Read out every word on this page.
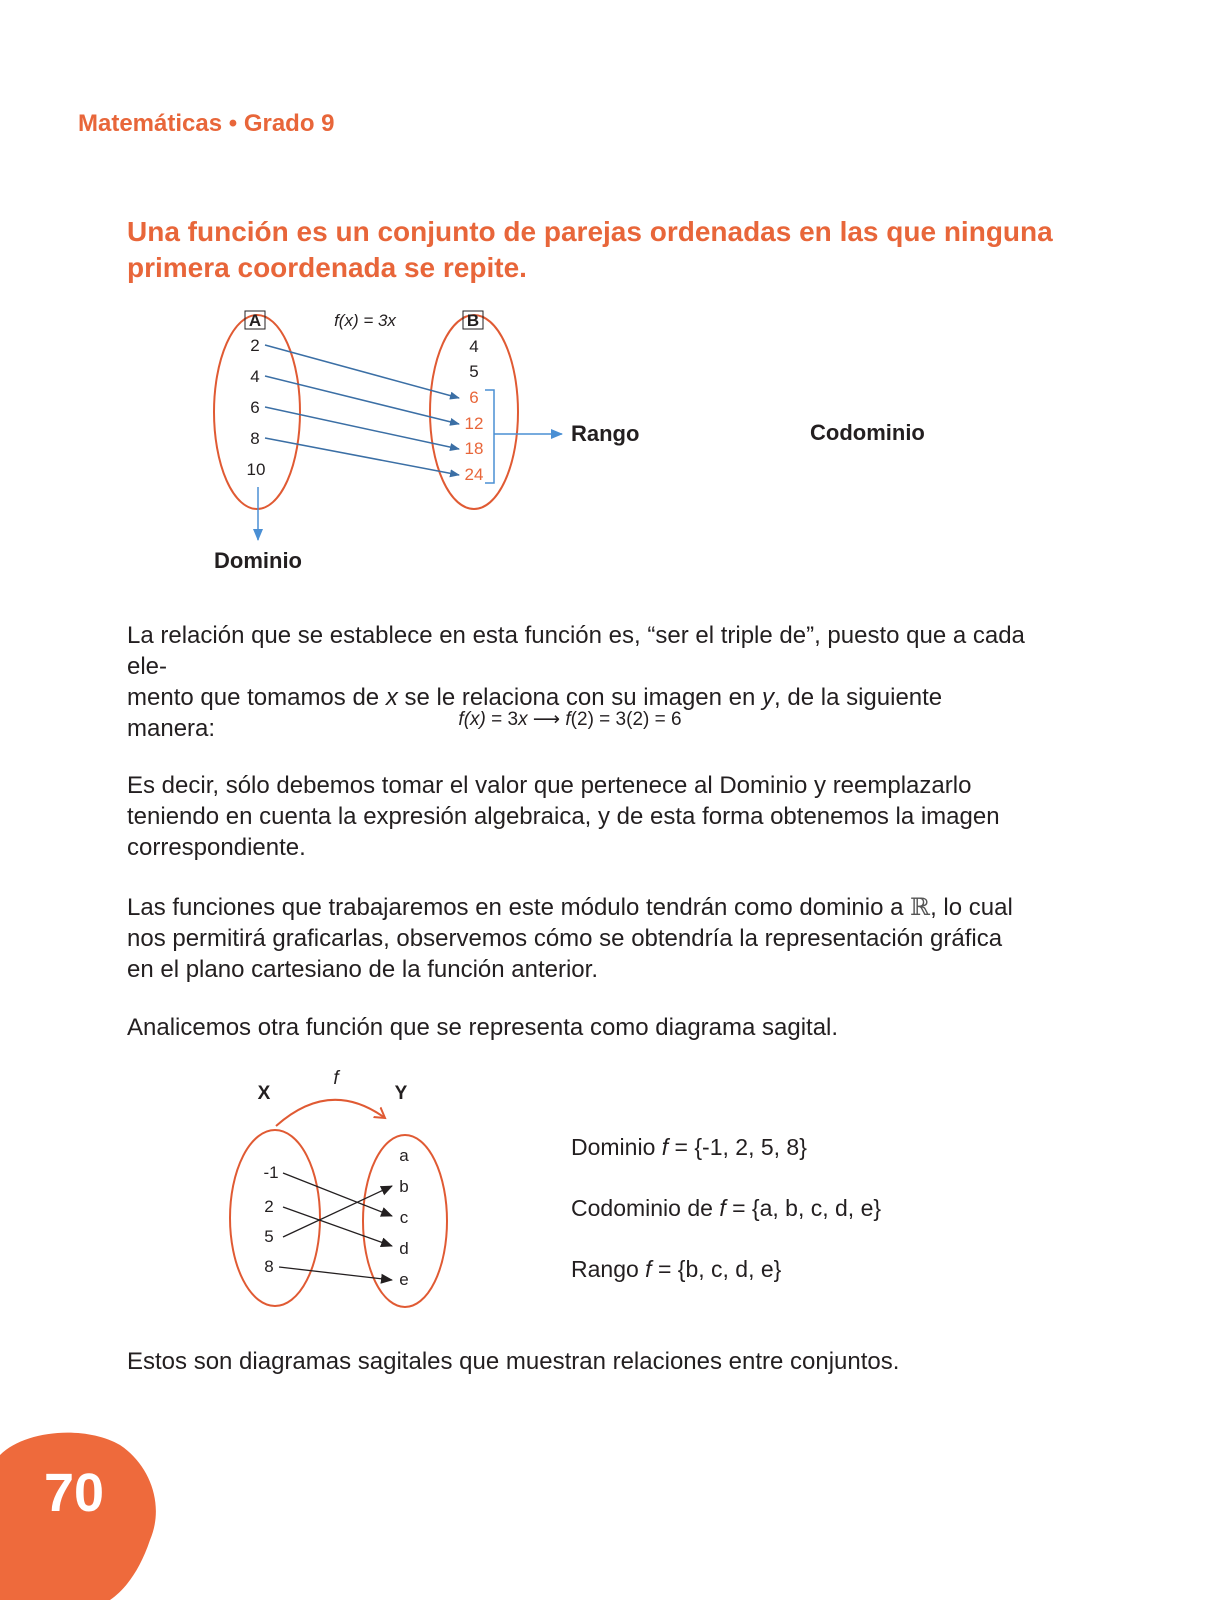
Matemáticas • Grado 9
Una función es un conjunto de parejas ordenadas en las que ninguna primera coordenada se repite.
A	B
f(x) = 3x
2
4
6
8
10
4
5
6
12
18
24
Rango	Codominio
Dominio
La relación que se establece en esta función es, “ser el triple de”, puesto que a cada ele-
mento que tomamos de x se le relaciona con su imagen en y, de la siguiente manera:	f(x) = 3x ⟶ f(2) = 3(2) = 6
Es decir, sólo debemos tomar el valor que pertenece al Dominio y reemplazarlo teniendo en cuenta la expresión algebraica, y de esta forma obtenemos la imagen correspondiente.
Las funciones que trabajaremos en este módulo tendrán como dominio a ℝ, lo cual nos permitirá graficarlas, observemos cómo se obtendría la representación gráfica en el plano cartesiano de la función anterior.
Analicemos otra función que se representa como diagrama sagital.
X	Y
f
-1
2
5
8
a
b
c
d
e
Dominio f = {-1, 2, 5, 8}
Codominio de f = {a, b, c, d, e}
Rango f = {b, c, d, e}
Estos son diagramas sagitales que muestran relaciones entre conjuntos.
70
